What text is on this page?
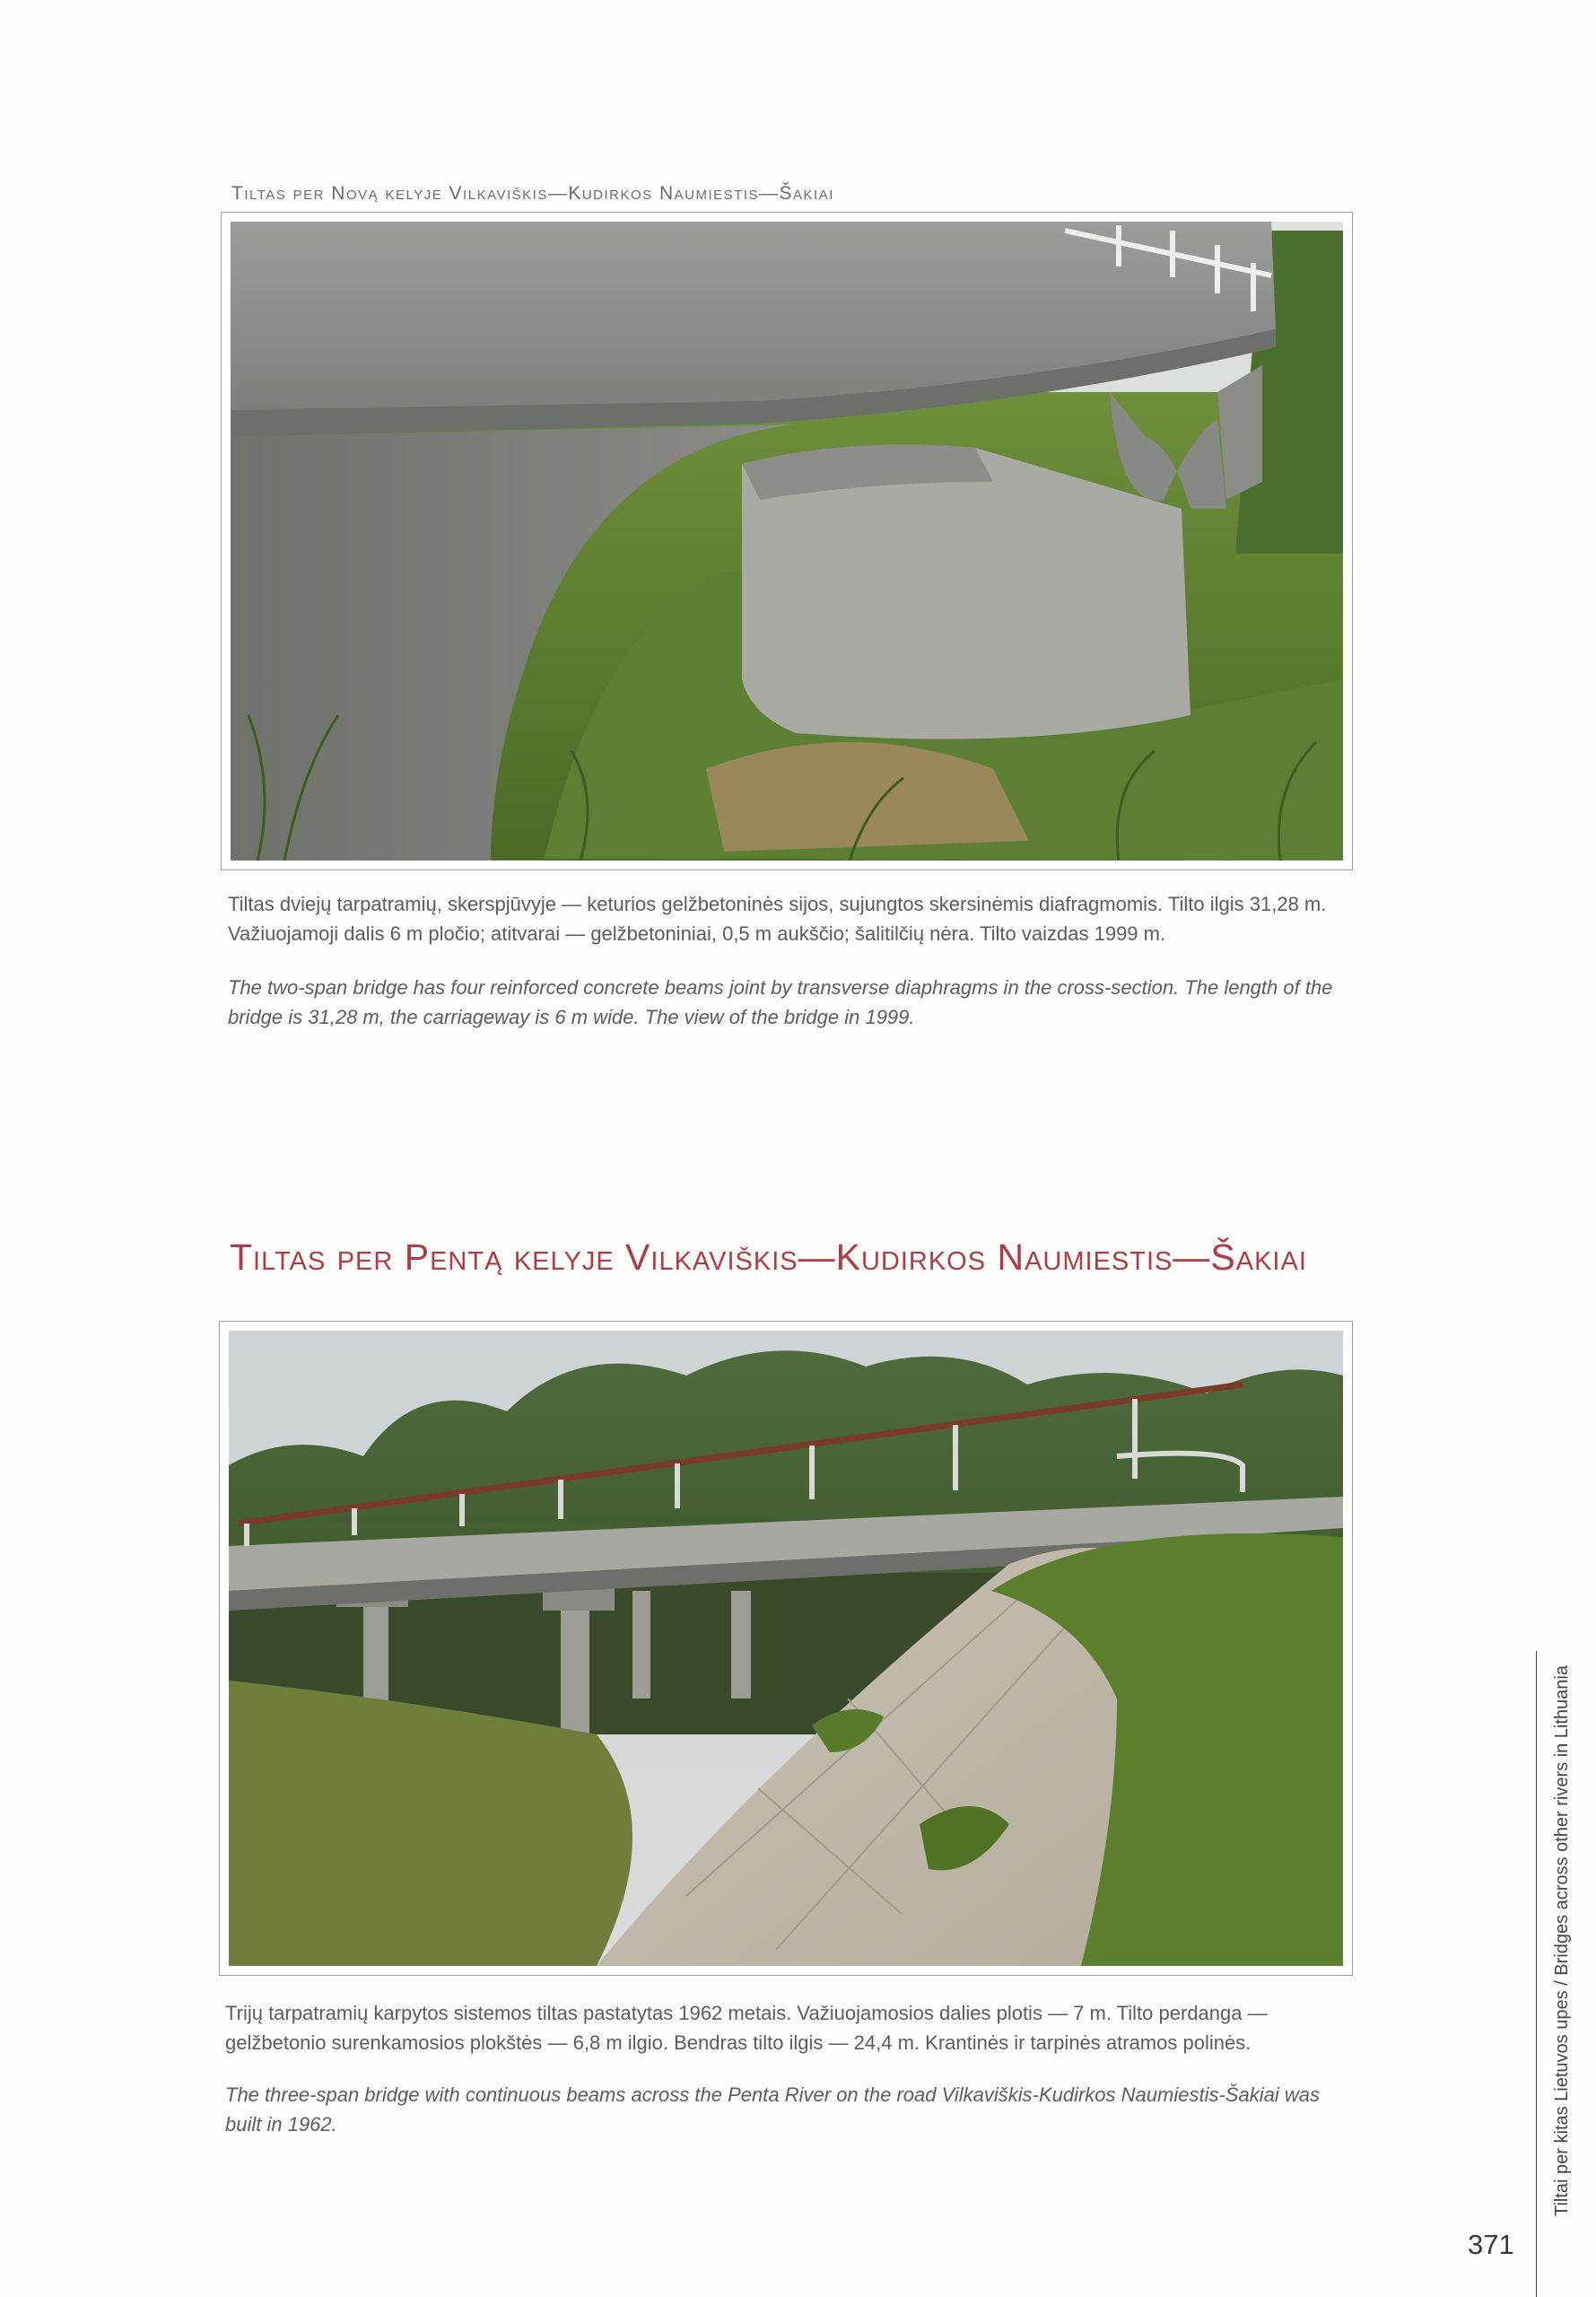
Tiltas per Novą kelyje Vilkaviškis—Kudirkos Naumiestis—Šakiai
Tiltas dviejų tarpatramių, skerspjūvyje — keturios gelžbetoninės sijos, sujungtos skersinėmis diafragmomis. Tilto ilgis 31,28 m. Važiuojamoji dalis 6 m pločio; atitvarai — gelžbetoniniai, 0,5 m aukščio; šalitilčių nėra. Tilto vaizdas 1999 m.
The two-span bridge has four reinforced concrete beams joint by transverse diaphragms in the cross-section. The length of the bridge is 31,28 m, the carriageway is 6 m wide. The view of the bridge in 1999.
Tiltas per Pentą kelyje Vilkaviškis—Kudirkos Naumiestis—Šakiai
Trijų tarpatramių karpytos sistemos tiltas pastatytas 1962 metais. Važiuojamosios dalies plotis — 7 m. Tilto perdanga — gelžbetonio surenkamosios plokštės — 6,8 m ilgio. Bendras tilto ilgis — 24,4 m. Krantinės ir tarpinės atramos polinės.
The three-span bridge with continuous beams across the Penta River on the road Vilkaviškis-Kudirkos Naumiestis-Šakiai was built in 1962.	Tiltai per kitas Lietuvos upes / Bridges across other rivers in Lithuania
371
